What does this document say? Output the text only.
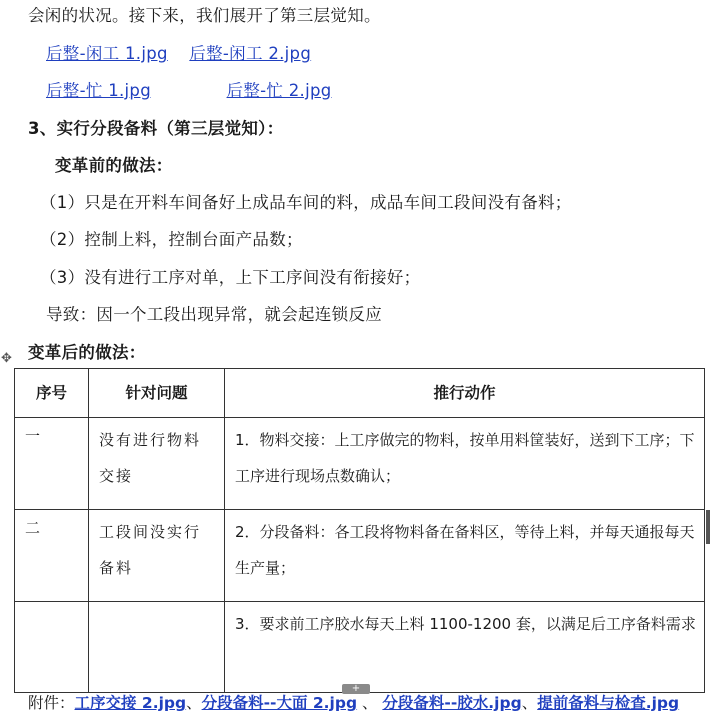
会闲的状况。接下来，我们展开了第三层觉知。
后整-闲工 1.jpg 后整-闲工 2.jpg
后整-忙 1.jpg	后整-忙 2.jpg
3、实行分段备料（第三层觉知）：
变革前的做法：
（1）只是在开料车间备好上成品车间的料，成品车间工段间没有备料；
（2）控制上料，控制台面产品数；
（3）没有进行工序对单，上下工序间没有衔接好；
导致：因一个工段出现异常，就会起连锁反应
变革后的做法：
✥
序号	针对问题	推行动作
一	没有进行物料交接	1．物料交接：上工序做完的物料，按单用料筐装好，送到下工序；下工序进行现场点数确认；
二	工段间没实行备料	2．分段备料：各工段将物料备在备料区，等待上料，并每天通报每天生产量；
		3．要求前工序胶水每天上料 1100-1200 套，以满足后工序备料需求
+
附件：工序交接 2.jpg、分段备料--大面 2.jpg 、 分段备料--胶水.jpg、提前备料与检查.jpg
